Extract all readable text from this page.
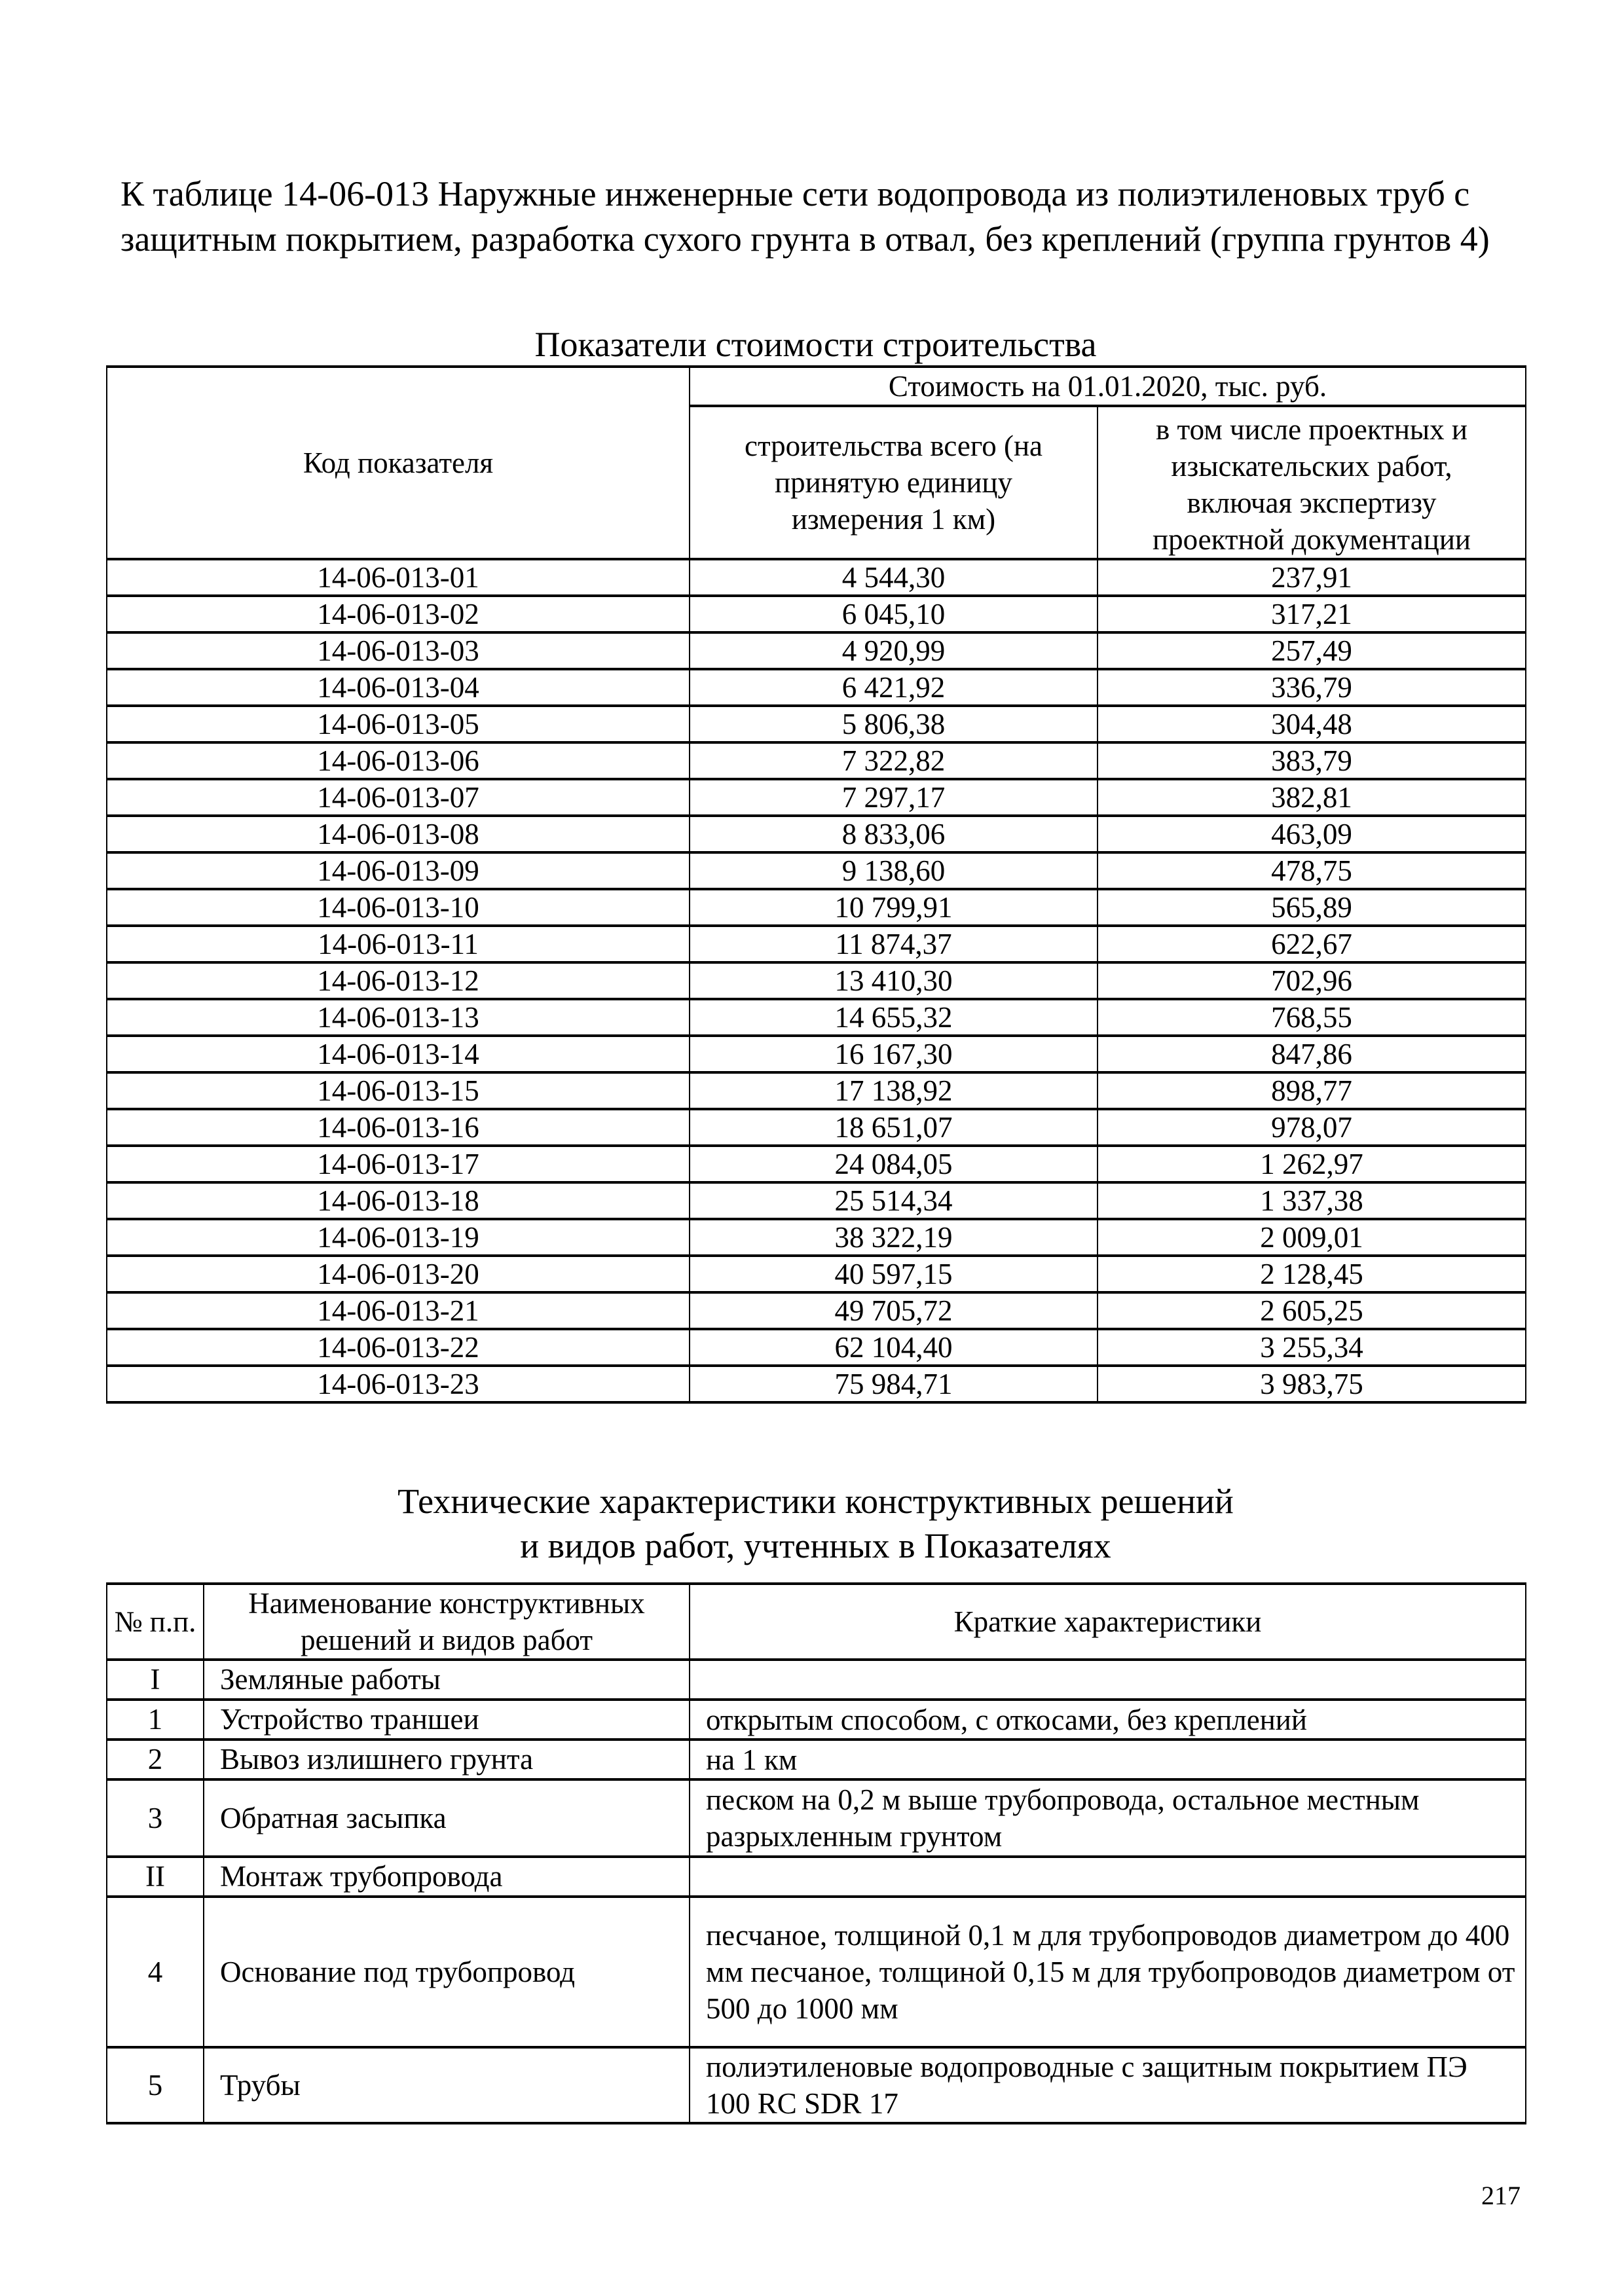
К таблице 14-06-013 Наружные инженерные сети водопровода из полиэтиленовых труб с защитным покрытием, разработка сухого грунта в отвал, без креплений (группа грунтов 4)
Показатели стоимости строительства
Код показателя	Стоимость на 01.01.2020, тыс. руб.	
	строительства всего (на принятую единицу измерения 1 км)	в том числе проектных и изыскательских работ, включая экспертизу проектной документации
14-06-013-01	4 544,30	237,91
14-06-013-02	6 045,10	317,21
14-06-013-03	4 920,99	257,49
14-06-013-04	6 421,92	336,79
14-06-013-05	5 806,38	304,48
14-06-013-06	7 322,82	383,79
14-06-013-07	7 297,17	382,81
14-06-013-08	8 833,06	463,09
14-06-013-09	9 138,60	478,75
14-06-013-10	10 799,91	565,89
14-06-013-11	11 874,37	622,67
14-06-013-12	13 410,30	702,96
14-06-013-13	14 655,32	768,55
14-06-013-14	16 167,30	847,86
14-06-013-15	17 138,92	898,77
14-06-013-16	18 651,07	978,07
14-06-013-17	24 084,05	1 262,97
14-06-013-18	25 514,34	1 337,38
14-06-013-19	38 322,19	2 009,01
14-06-013-20	40 597,15	2 128,45
14-06-013-21	49 705,72	2 605,25
14-06-013-22	62 104,40	3 255,34
14-06-013-23	75 984,71	3 983,75
Технические характеристики конструктивных решений
и видов работ, учтенных в Показателях
№ п.п.	Наименование конструктивных решений и видов работ	Краткие характеристики
I	Земляные работы	
1	Устройство траншеи	открытым способом, с откосами, без креплений
2	Вывоз излишнего грунта	на 1 км
3	Обратная засыпка	песком на 0,2 м выше трубопровода, остальное местным разрыхленным грунтом
II	Монтаж трубопровода	
4	Основание под трубопровод	песчаное, толщиной 0,1 м для трубопроводов диаметром до 400 мм песчаное, толщиной 0,15 м для трубопроводов диаметром от 500 до 1000 мм
5	Трубы	полиэтиленовые водопроводные с защитным покрытием ПЭ 100 RC SDR 17
217
